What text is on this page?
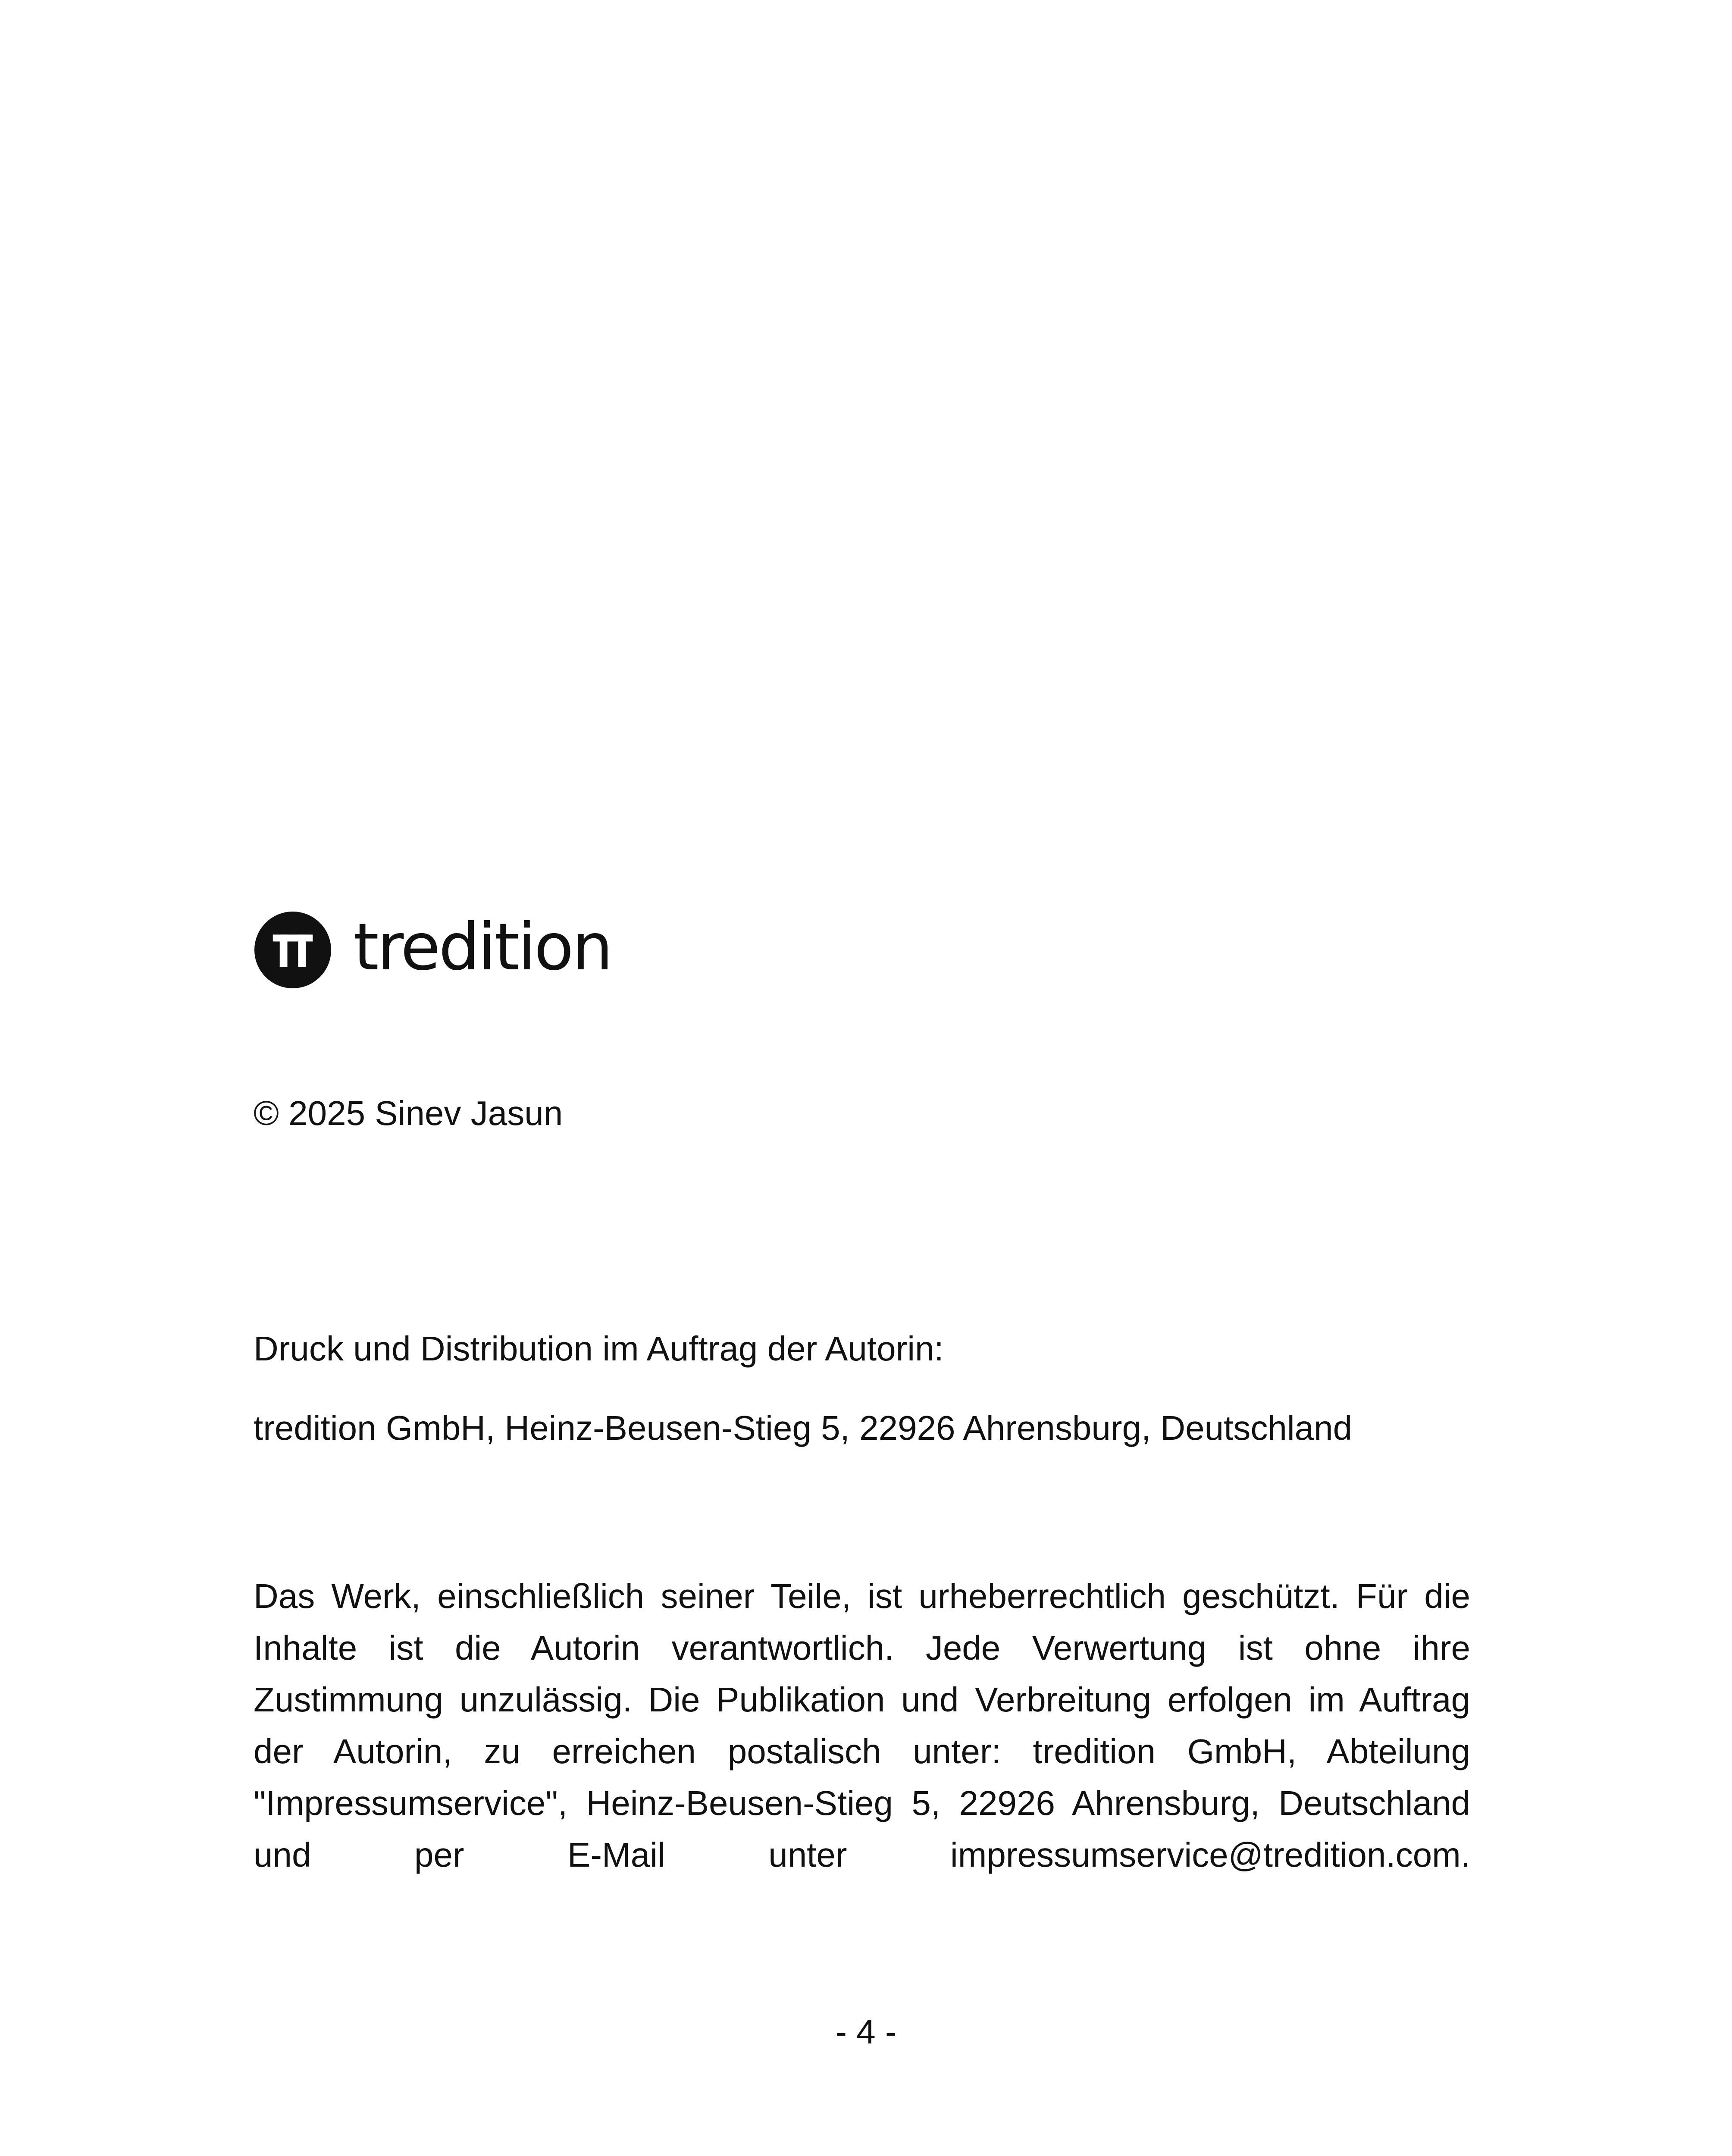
tredition
© 2025 Sinev Jasun
Druck und Distribution im Auftrag der Autorin:
tredition GmbH, Heinz-Beusen-Stieg 5, 22926 Ahrensburg, Deutschland
Das Werk, einschließlich seiner Teile, ist urheberrechtlich geschützt. Für die Inhalte ist die Autorin verantwortlich. Jede Verwertung ist ohne ihre Zustimmung unzulässig. Die Publikation und Verbreitung erfolgen im Auftrag der Autorin, zu erreichen postalisch unter: tredition GmbH, Abteilung "Impressumservice", Heinz-Beusen-Stieg 5, 22926 Ahrensburg, Deutschland und per E-Mail unter impressumservice@tredition.com.
- 4 -
